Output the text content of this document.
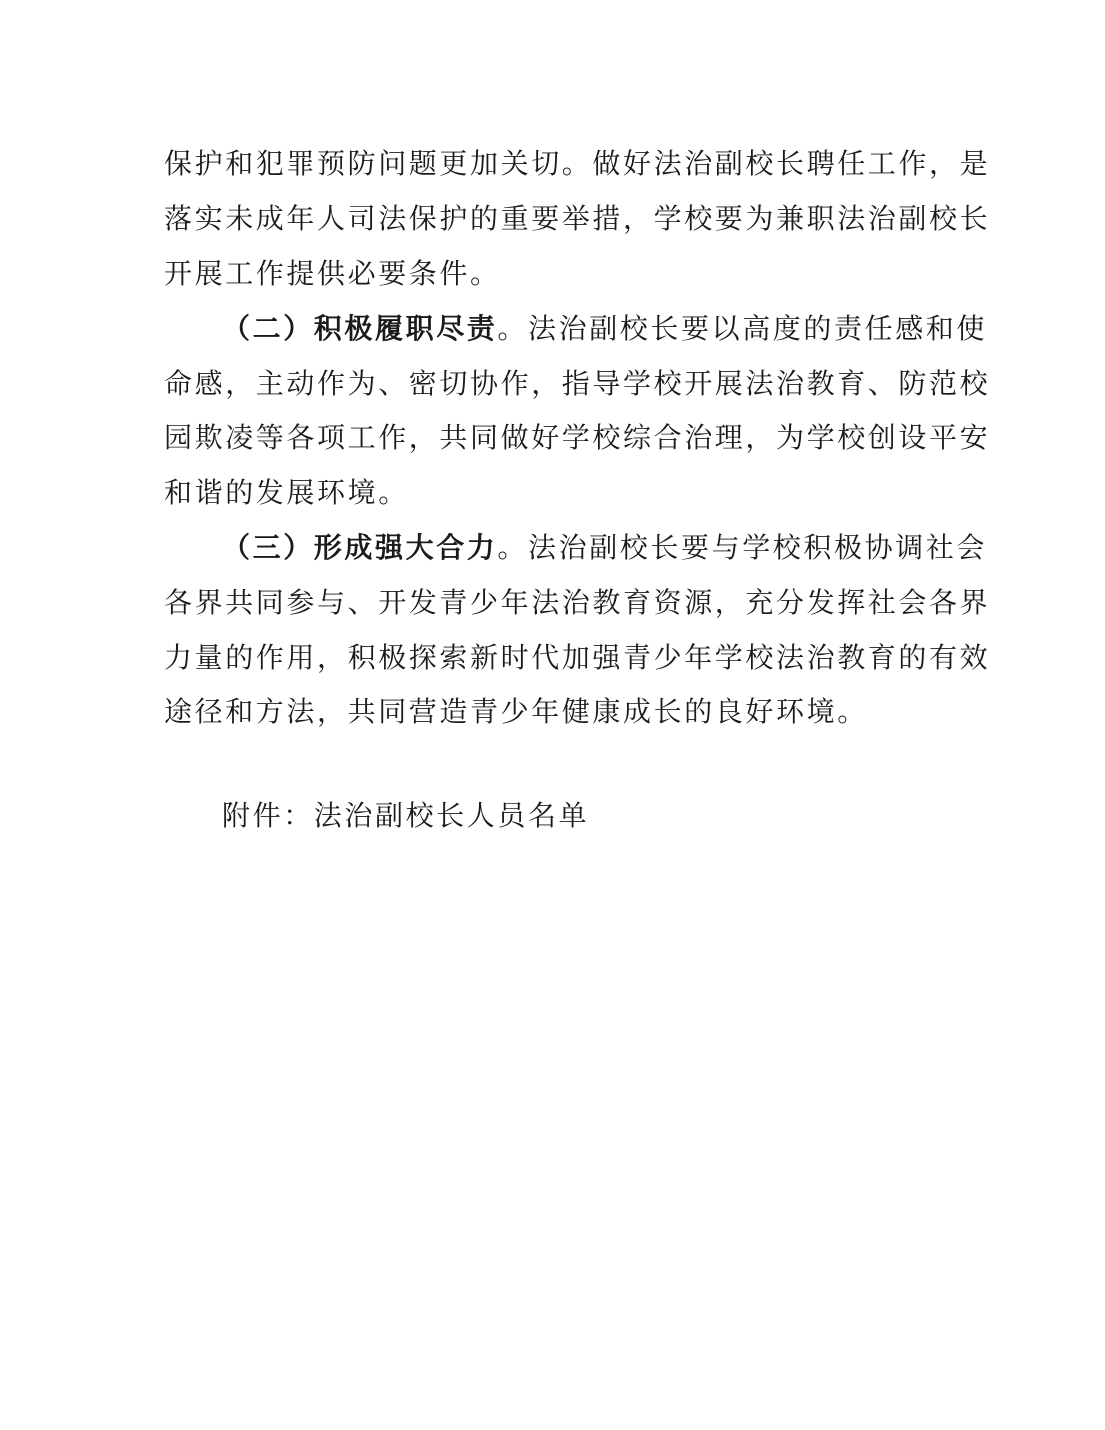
保护和犯罪预防问题更加关切。做好法治副校长聘任工作，是
落实未成年人司法保护的重要举措，学校要为兼职法治副校长
开展工作提供必要条件。
（二）积极履职尽责。法治副校长要以高度的责任感和使
命感，主动作为、密切协作，指导学校开展法治教育、防范校
园欺凌等各项工作，共同做好学校综合治理，为学校创设平安
和谐的发展环境。
（三）形成强大合力。法治副校长要与学校积极协调社会
各界共同参与、开发青少年法治教育资源，充分发挥社会各界
力量的作用，积极探索新时代加强青少年学校法治教育的有效
途径和方法，共同营造青少年健康成长的良好环境。
附件：法治副校长人员名单
